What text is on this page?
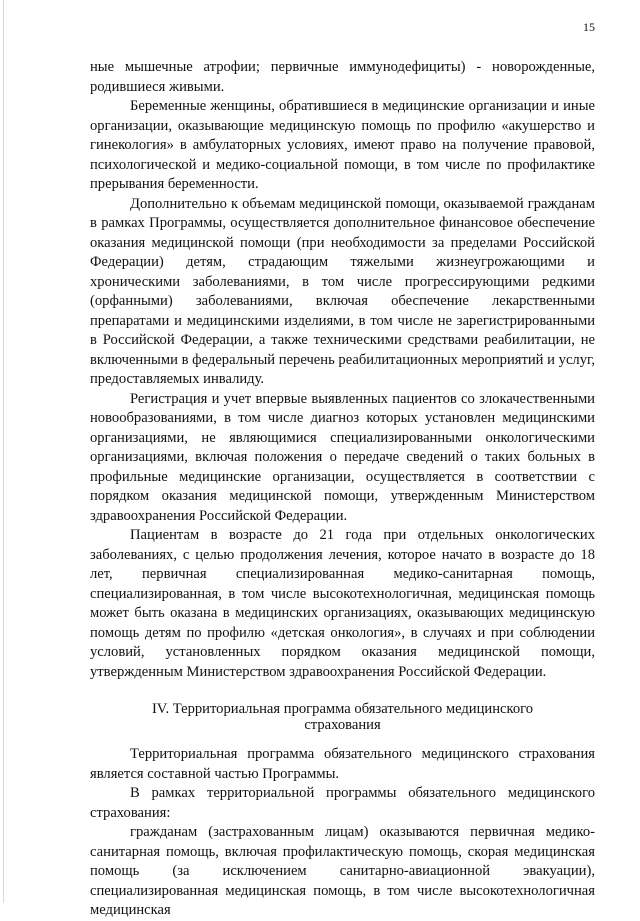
15

ные мышечные атрофии; первичные иммунодефициты) - новорожденные, родившиеся живыми.

Беременные женщины, обратившиеся в медицинские организации и иные организации, оказывающие медицинскую помощь по профилю «акушерство и гинекология» в амбулаторных условиях, имеют право на получение правовой, психологической и медико-социальной помощи, в том числе по профилактике прерывания беременности.

Дополнительно к объемам медицинской помощи, оказываемой гражданам в рамках Программы, осуществляется дополнительное финансовое обеспечение оказания медицинской помощи (при необходимости за пределами Российской Федерации) детям, страдающим тяжелыми жизнеугрожающими и хроническими заболеваниями, в том числе прогрессирующими редкими (орфанными) заболеваниями, включая обеспечение лекарственными препаратами и медицинскими изделиями, в том числе не зарегистрированными в Российской Федерации, а также техническими средствами реабилитации, не включенными в федеральный перечень реабилитационных мероприятий и услуг, предоставляемых инвалиду.

Регистрация и учет впервые выявленных пациентов со злокачественными новообразованиями, в том числе диагноз которых установлен медицинскими организациями, не являющимися специализированными онкологическими организациями, включая положения о передаче сведений о таких больных в профильные медицинские организации, осуществляется в соответствии с порядком оказания медицинской помощи, утвержденным Министерством здравоохранения Российской Федерации.

Пациентам в возрасте до 21 года при отдельных онкологических заболеваниях, с целью продолжения лечения, которое начато в возрасте до 18 лет, первичная специализированная медико-санитарная помощь, специализированная, в том числе высокотехнологичная, медицинская помощь может быть оказана в медицинских организациях, оказывающих медицинскую помощь детям по профилю «детская онкология», в случаях и при соблюдении условий, установленных порядком оказания медицинской помощи, утвержденным Министерством здравоохранения Российской Федерации.

IV. Территориальная программа обязательного медицинского
страхования

Территориальная программа обязательного медицинского страхования является составной частью Программы.

В рамках территориальной программы обязательного медицинского страхования:

гражданам (застрахованным лицам) оказываются первичная медико-санитарная помощь, включая профилактическую помощь, скорая медицинская помощь (за исключением санитарно-авиационной эвакуации), специализированная медицинская помощь, в том числе высокотехнологичная медицинская
